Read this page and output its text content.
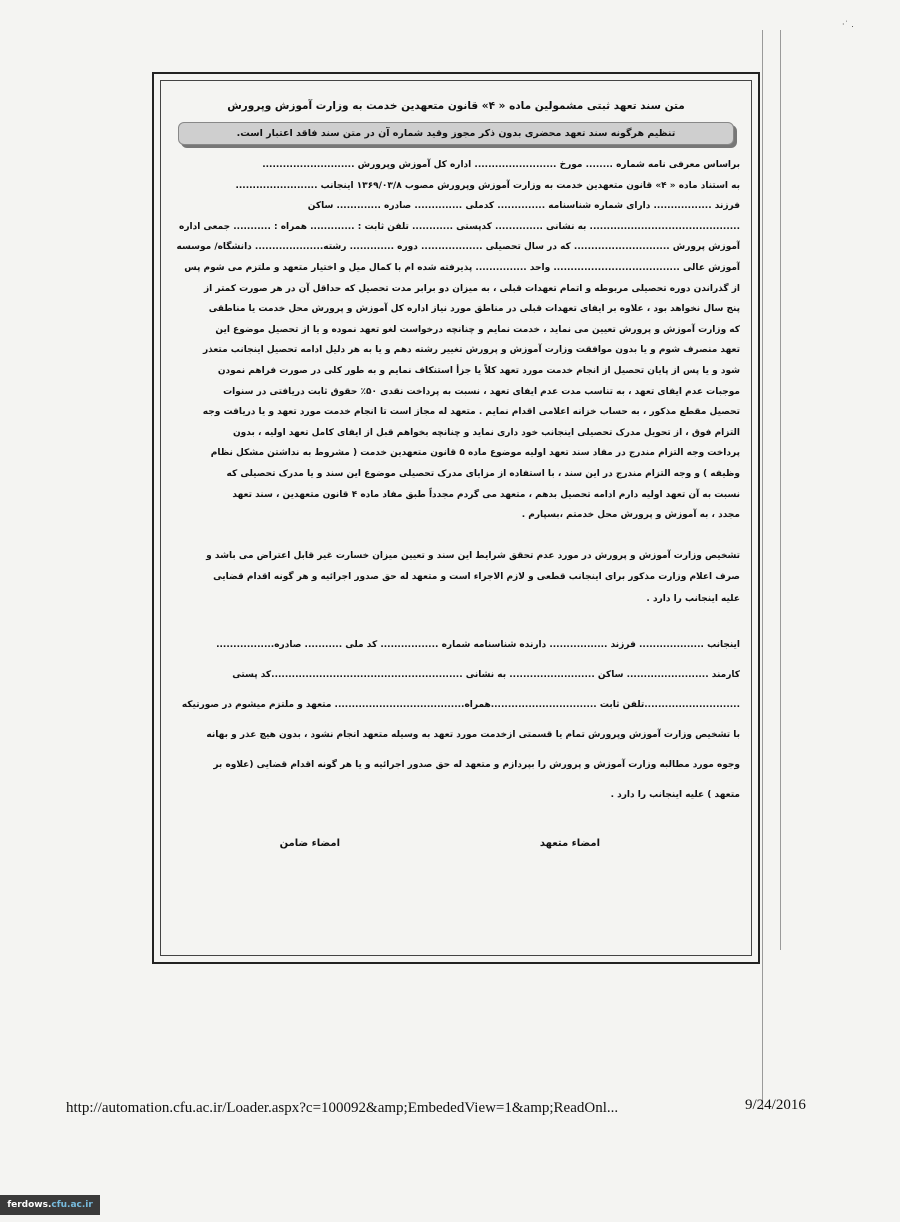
·˙ .
متن سند تعهد ثبتی مشمولین ماده « ۴» قانون متعهدین خدمت به وزارت آموزش وپرورش
تنظیم هرگونه سند تعهد محضری بدون ذکر مجوز وقید شماره آن در متن سند فاقد اعتبار است.
براساس معرفی نامه شماره ........ مورخ ........................ اداره کل آموزش وپرورش ...........................
به استناد ماده « ۴» قانون متعهدین خدمت به وزارت آموزش وپرورش مصوب ۱۳۶۹/۰۳/۸ اینجانب ........................
فرزند ................. دارای شماره شناسنامه .............. کدملی .............. صادره ............. ساکن
............................................ به نشانی .............. کدپستی ............ تلفن ثابت : ............. همراه : ........... جمعی اداره
آموزش پرورش ............................ که در سال تحصیلی .................. دوره ............. رشته.................... دانشگاه/ موسسه
آموزش عالی ..................................... واحد ............... پذیرفته شده ام با کمال میل و اختیار متعهد و ملتزم می شوم پس
از گذراندن دوره تحصیلی مربوطه و اتمام تعهدات قبلی ، به میزان دو برابر مدت تحصیل که حداقل آن در هر صورت کمتر از
پنج سال نخواهد بود ، علاوه بر ایفای تعهدات قبلی در مناطق مورد نیاز اداره کل آموزش و پرورش محل خدمت یا مناطقی
که وزارت آموزش و پرورش تعیین می نماید ، خدمت نمایم و چنانچه درخواست لغو تعهد نموده و یا از تحصیل موضوع این
تعهد منصرف شوم و یا بدون موافقت وزارت آموزش و پرورش تغییر رشته دهم و یا به هر دلیل ادامه تحصیل اینجانب متعذر
شود و یا پس از پایان تحصیل از انجام خدمت مورد تعهد کلاً یا جزأ استنکاف نمایم و به طور کلی در صورت فراهم نمودن
موجبات عدم ایفای تعهد ، به تناسب مدت عدم ایفای تعهد ، نسبت به پرداخت نقدی ۵۰٪ حقوق ثابت دریافتی در سنوات
تحصیل مقطع مذکور ، به حساب خزانه اعلامی اقدام نمایم . متعهد له مجاز است تا انجام خدمت مورد تعهد و یا دریافت وجه
التزام فوق ، از تحویل مدرک تحصیلی اینجانب خود داری نماید و چنانچه بخواهم قبل از ایفای کامل تعهد اولیه ، بدون
پرداخت وجه التزام مندرج در مفاد سند تعهد اولیه موضوع ماده ۵ قانون متعهدین خدمت ( مشروط به نداشتن مشکل نظام
وظیفه ) و وجه التزام مندرج در این سند ، با استفاده از مزایای مدرک تحصیلی موضوع این سند و یا مدرک تحصیلی که
نسبت به آن تعهد اولیه دارم ادامه تحصیل بدهم ، متعهد می گردم مجدداً طبق مفاد ماده ۴ قانون متعهدین ، سند تعهد
مجدد ، به آموزش و پرورش محل خدمتم ،بسپارم .
تشخیص وزارت آموزش و پرورش در مورد عدم تحقق شرایط این سند و تعیین میزان خسارت غیر قابل اعتراض می باشد و
صرف اعلام وزارت مذکور برای اینجانب قطعی و لازم الاجراء است و متعهد له حق صدور اجرائیه و هر گونه اقدام قضایی
علیه اینجانب را دارد .
اینجانب ................... فرزند ................. دارنده شناسنامه شماره ................. کد ملی ........... صادره.................
کارمند ........................ ساکن ......................... به نشانی ........................................................کد پستی
............................تلفن ثابت ...............................همراه...................................... متعهد و ملتزم میشوم در صورتیکه
با تشخیص وزارت آموزش وپرورش تمام یا قسمتی ازخدمت مورد تعهد به وسیله متعهد انجام نشود ، بدون هیچ عذر و بهانه
وجوه مورد مطالبه وزارت آموزش و پرورش را بپردازم و متعهد له حق صدور اجرائیه و یا هر گونه اقدام قضایی (علاوه بر
متعهد ) علیه اینجانب را دارد .
امضاء متعهد
امضاء ضامن
http://automation.cfu.ac.ir/Loader.aspx?c=100092&amp;EmbededView=1&amp;ReadOnl...	9/24/2016
ferdows. cfu.ac.ir
